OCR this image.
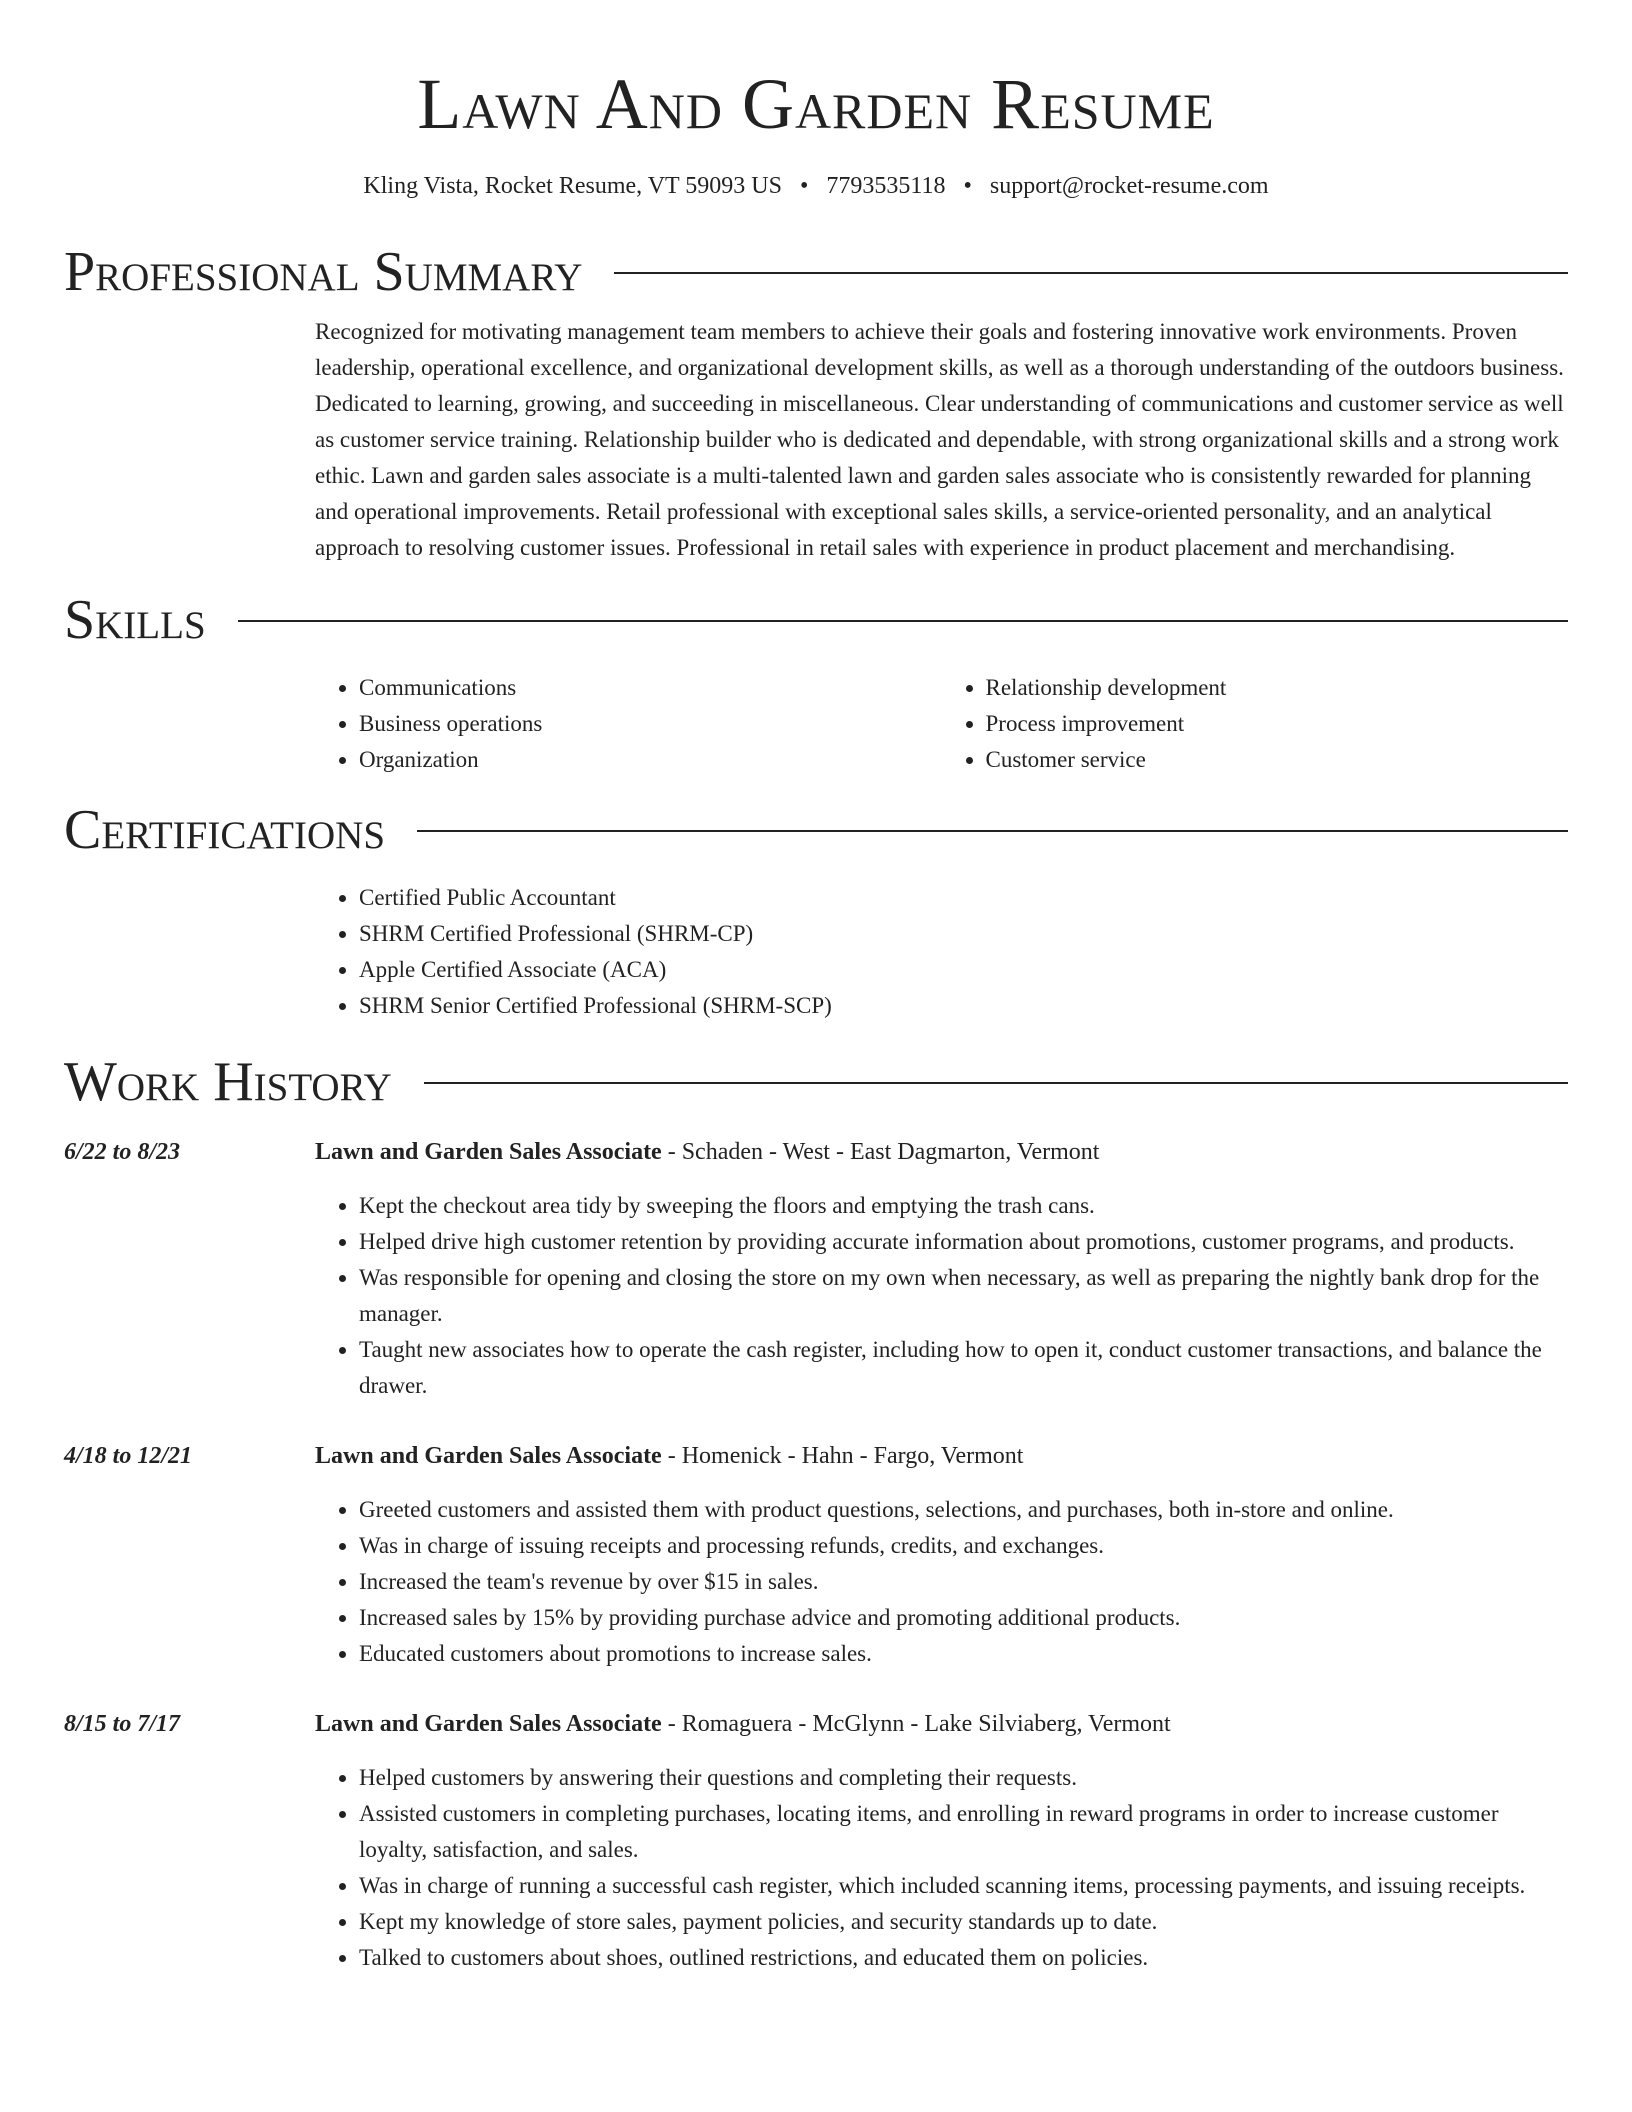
Lawn And Garden Resume
Kling Vista, Rocket Resume, VT 59093 US • 7793535118 • support@rocket-resume.com
Professional Summary

Recognized for motivating management team members to achieve their goals and fostering innovative work environments. Proven leadership, operational excellence, and organizational development skills, as well as a thorough understanding of the outdoors business. Dedicated to learning, growing, and succeeding in miscellaneous. Clear understanding of communications and customer service as well as customer service training. Relationship builder who is dedicated and dependable, with strong organizational skills and a strong work ethic. Lawn and garden sales associate is a multi-talented lawn and garden sales associate who is consistently rewarded for planning and operational improvements. Retail professional with exceptional sales skills, a service-oriented personality, and an analytical approach to resolving customer issues. Professional in retail sales with experience in product placement and merchandising.

Skills
• Communications
• Business operations
• Organization
• Relationship development
• Process improvement
• Customer service
Certifications
• Certified Public Accountant
• SHRM Certified Professional (SHRM-CP)
• Apple Certified Associate (ACA)
• SHRM Senior Certified Professional (SHRM-SCP)
Work History
6/22 to 8/23	Lawn and Garden Sales Associate - Schaden - West - East Dagmarton, Vermont
• Kept the checkout area tidy by sweeping the floors and emptying the trash cans.
• Helped drive high customer retention by providing accurate information about promotions, customer programs, and products.
• Was responsible for opening and closing the store on my own when necessary, as well as preparing the nightly bank drop for the manager.
• Taught new associates how to operate the cash register, including how to open it, conduct customer transactions, and balance the drawer.
4/18 to 12/21	Lawn and Garden Sales Associate - Homenick - Hahn - Fargo, Vermont
• Greeted customers and assisted them with product questions, selections, and purchases, both in-store and online.
• Was in charge of issuing receipts and processing refunds, credits, and exchanges.
• Increased the team's revenue by over $15 in sales.
• Increased sales by 15% by providing purchase advice and promoting additional products.
• Educated customers about promotions to increase sales.
8/15 to 7/17	Lawn and Garden Sales Associate - Romaguera - McGlynn - Lake Silviaberg, Vermont
• Helped customers by answering their questions and completing their requests.
• Assisted customers in completing purchases, locating items, and enrolling in reward programs in order to increase customer loyalty, satisfaction, and sales.
• Was in charge of running a successful cash register, which included scanning items, processing payments, and issuing receipts.
• Kept my knowledge of store sales, payment policies, and security standards up to date.
• Talked to customers about shoes, outlined restrictions, and educated them on policies.
